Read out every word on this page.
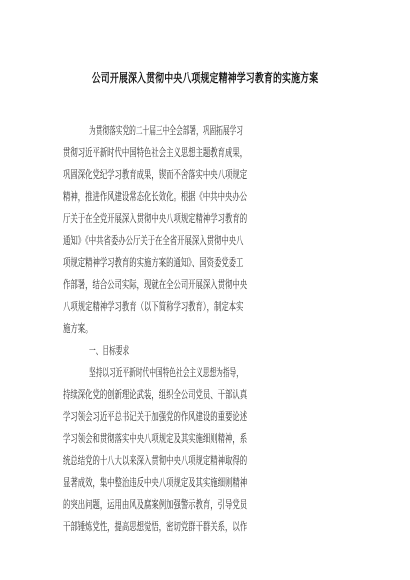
公司开展深入贯彻中央八项规定精神学习教育的实施方案
为贯彻落实党的二十届三中全会部署，巩固拓展学习
贯彻习近平新时代中国特色社会主义思想主题教育成果，
巩固深化党纪学习教育成果，锲而不舍落实中央八项规定
精神，推进作风建设常态化长效化。根据《中共中央办公
厅关于在全党开展深入贯彻中央八项规定精神学习教育的
通知》《中共省委办公厅关于在全省开展深入贯彻中央八
项规定精神学习教育的实施方案的通知》、国资委党委工
作部署，结合公司实际，现就在全公司开展深入贯彻中央
八项规定精神学习教育（以下简称学习教育），制定本实
施方案。
一、目标要求
坚持以习近平新时代中国特色社会主义思想为指导，
持续深化党的创新理论武装，组织全公司党员、干部认真
学习领会习近平总书记关于加强党的作风建设的重要论述
学习领会和贯彻落实中央八项规定及其实施细则精神，系
统总结党的十八大以来深入贯彻中央八项规定精神取得的
显著成效，集中整治违反中央八项规定及其实施细则精神
的突出问题，运用由风及腐案例加强警示教育，引导党员
干部锤炼党性，提高思想觉悟，密切党群干群关系，以作
